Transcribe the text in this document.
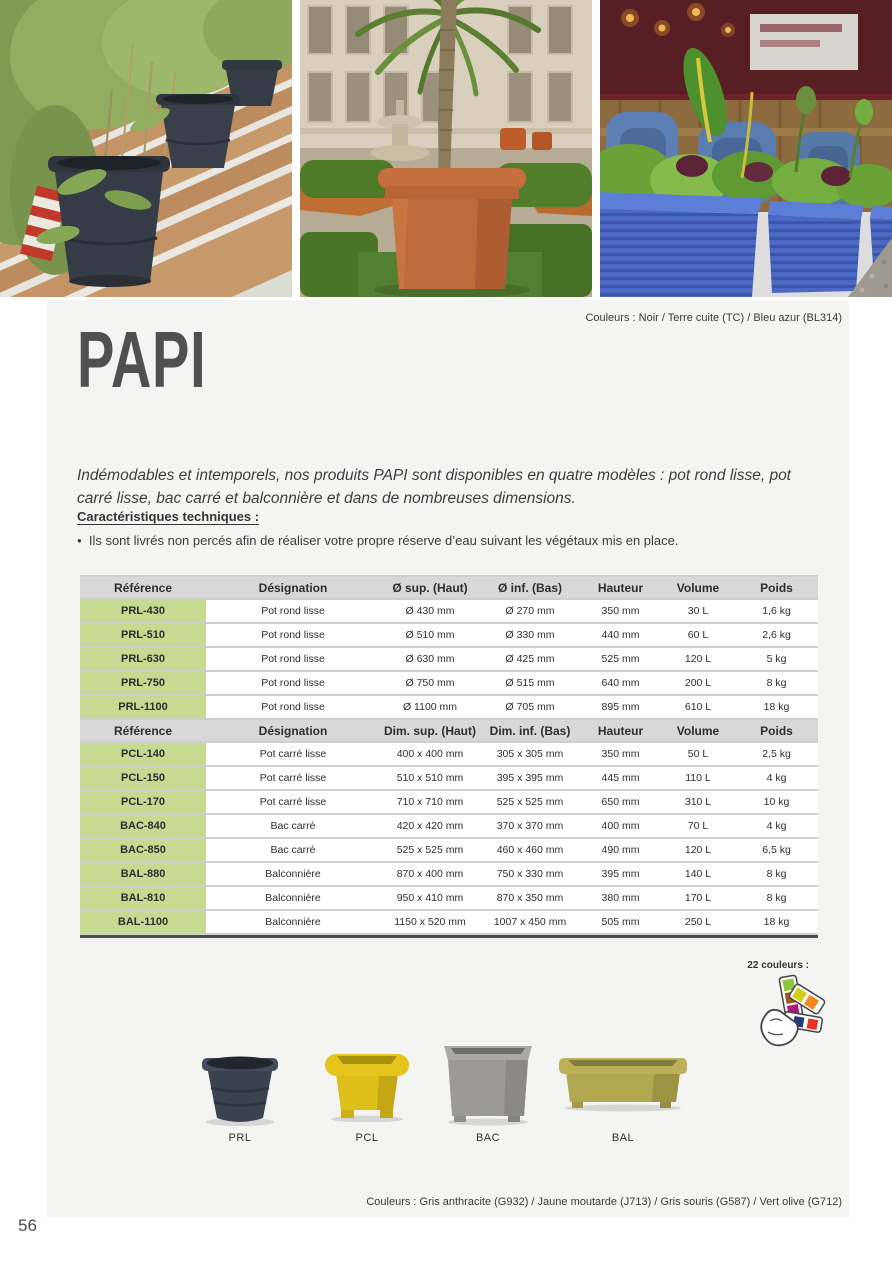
Couleurs : Noir / Terre cuite (TC) / Bleu azur (BL314)
PAPI

Indémodables et intemporels, nos produits PAPI sont disponibles en quatre modèles : pot rond lisse, pot carré lisse, bac carré et balconnière et dans de nombreuses dimensions.

Caractéristiques techniques :
● Ils sont livrés non percés afin de réaliser votre propre réserve d’eau suivant les végétaux mis en place.
Référence	Désignation	Ø sup. (Haut)	Ø inf. (Bas)	Hauteur	Volume	Poids
PRL-430	Pot rond lisse	Ø 430 mm	Ø 270 mm	350 mm	30 L	1,6 kg
PRL-510	Pot rond lisse	Ø 510 mm	Ø 330 mm	440 mm	60 L	2,6 kg
PRL-630	Pot rond lisse	Ø 630 mm	Ø 425 mm	525 mm	120 L	5 kg
PRL-750	Pot rond lisse	Ø 750 mm	Ø 515 mm	640 mm	200 L	8 kg
PRL-1100	Pot rond lisse	Ø 1100 mm	Ø 705 mm	895 mm	610 L	18 kg
Référence	Désignation	Dim. sup. (Haut)	Dim. inf. (Bas)	Hauteur	Volume	Poids
PCL-140	Pot carré lisse	400 x 400 mm	305 x 305 mm	350 mm	50 L	2,5 kg
PCL-150	Pot carré lisse	510 x 510 mm	395 x 395 mm	445 mm	110 L	4 kg
PCL-170	Pot carré lisse	710 x 710 mm	525 x 525 mm	650 mm	310 L	10 kg
BAC-840	Bac carré	420 x 420 mm	370 x 370 mm	400 mm	70 L	4 kg
BAC-850	Bac carré	525 x 525 mm	460 x 460 mm	490 mm	120 L	6,5 kg
BAL-880	Balconnière	870 x 400 mm	750 x 330 mm	395 mm	140 L	8 kg
BAL-810	Balconnière	950 x 410 mm	870 x 350 mm	380 mm	170 L	8 kg
BAL-1100	Balconnière	1150 x 520 mm	1007 x 450 mm	505 mm	250 L	18 kg
22 couleurs :
PRL	PCL	BAC	BAL
Couleurs : Gris anthracite (G932) / Jaune moutarde (J713) / Gris souris (G587) / Vert olive (G712)
56
